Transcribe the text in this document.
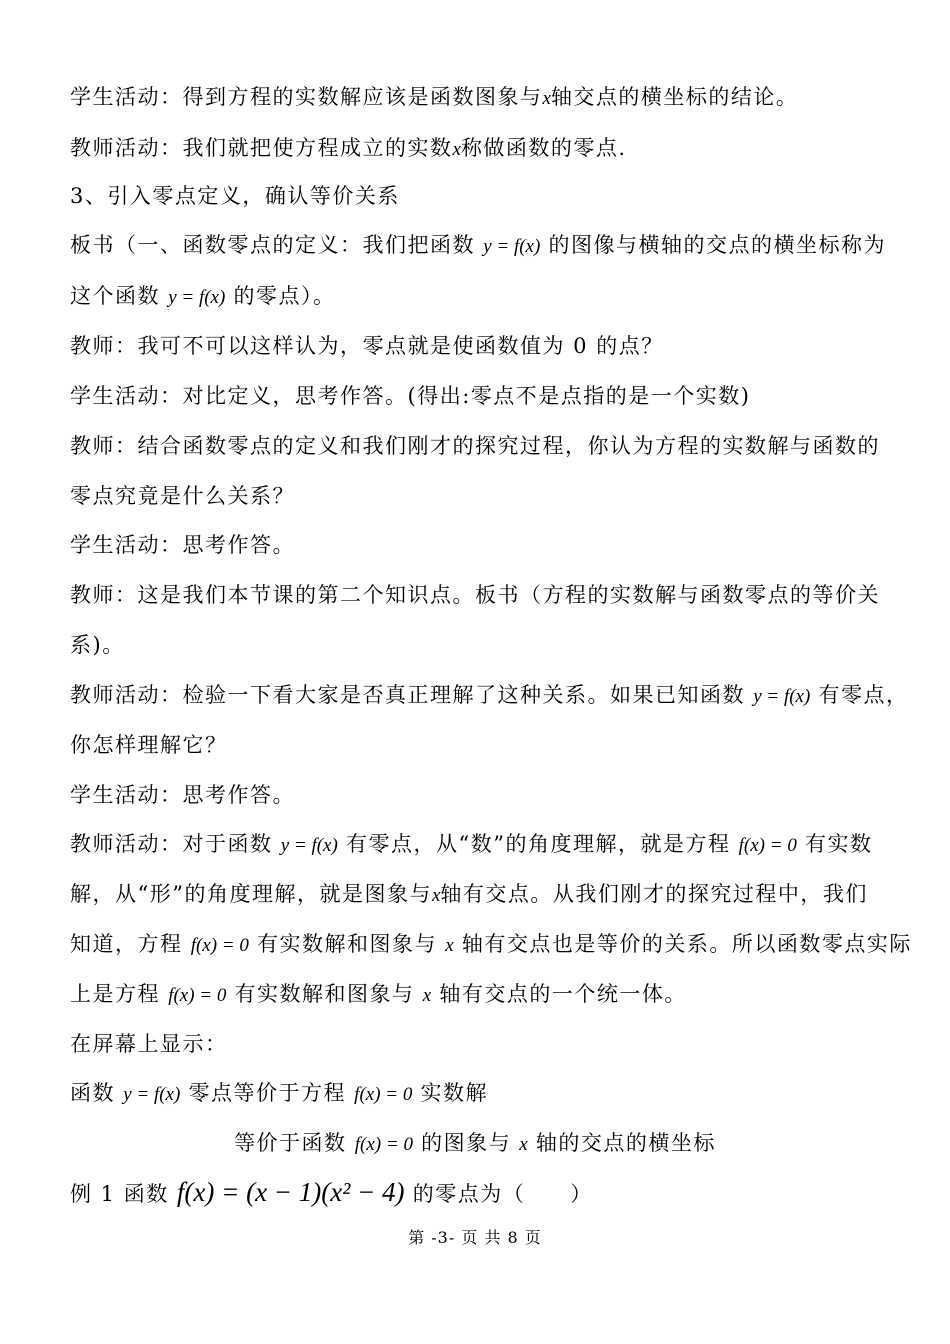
学生活动：得到方程的实数解应该是函数图象与x轴交点的横坐标的结论。
教师活动：我们就把使方程成立的实数x称做函数的零点.
3、引入零点定义，确认等价关系
板书（一、函数零点的定义：我们把函数 y = f(x) 的图像与横轴的交点的横坐标称为
这个函数 y = f(x) 的零点）。
教师：我可不可以这样认为，零点就是使函数值为 0 的点？
学生活动：对比定义，思考作答。(得出:零点不是点指的是一个实数)
教师：结合函数零点的定义和我们刚才的探究过程，你认为方程的实数解与函数的
零点究竟是什么关系？
学生活动：思考作答。
教师：这是我们本节课的第二个知识点。板书（方程的实数解与函数零点的等价关
系)。
教师活动：检验一下看大家是否真正理解了这种关系。如果已知函数 y = f(x) 有零点，
你怎样理解它？
学生活动：思考作答。
教师活动：对于函数 y = f(x) 有零点，从“数”的角度理解，就是方程 f(x) = 0 有实数
解，从“形”的角度理解，就是图象与x轴有交点。从我们刚才的探究过程中，我们
知道，方程 f(x) = 0 有实数解和图象与 x 轴有交点也是等价的关系。所以函数零点实际
上是方程 f(x) = 0 有实数解和图象与 x 轴有交点的一个统一体。
在屏幕上显示：
函数 y = f(x) 零点等价于方程 f(x) = 0 实数解
等价于函数 f(x) = 0 的图象与 x 轴的交点的横坐标
例 1 函数 f(x) = (x − 1)(x² − 4) 的零点为（　　）
第 -3- 页 共 8 页
